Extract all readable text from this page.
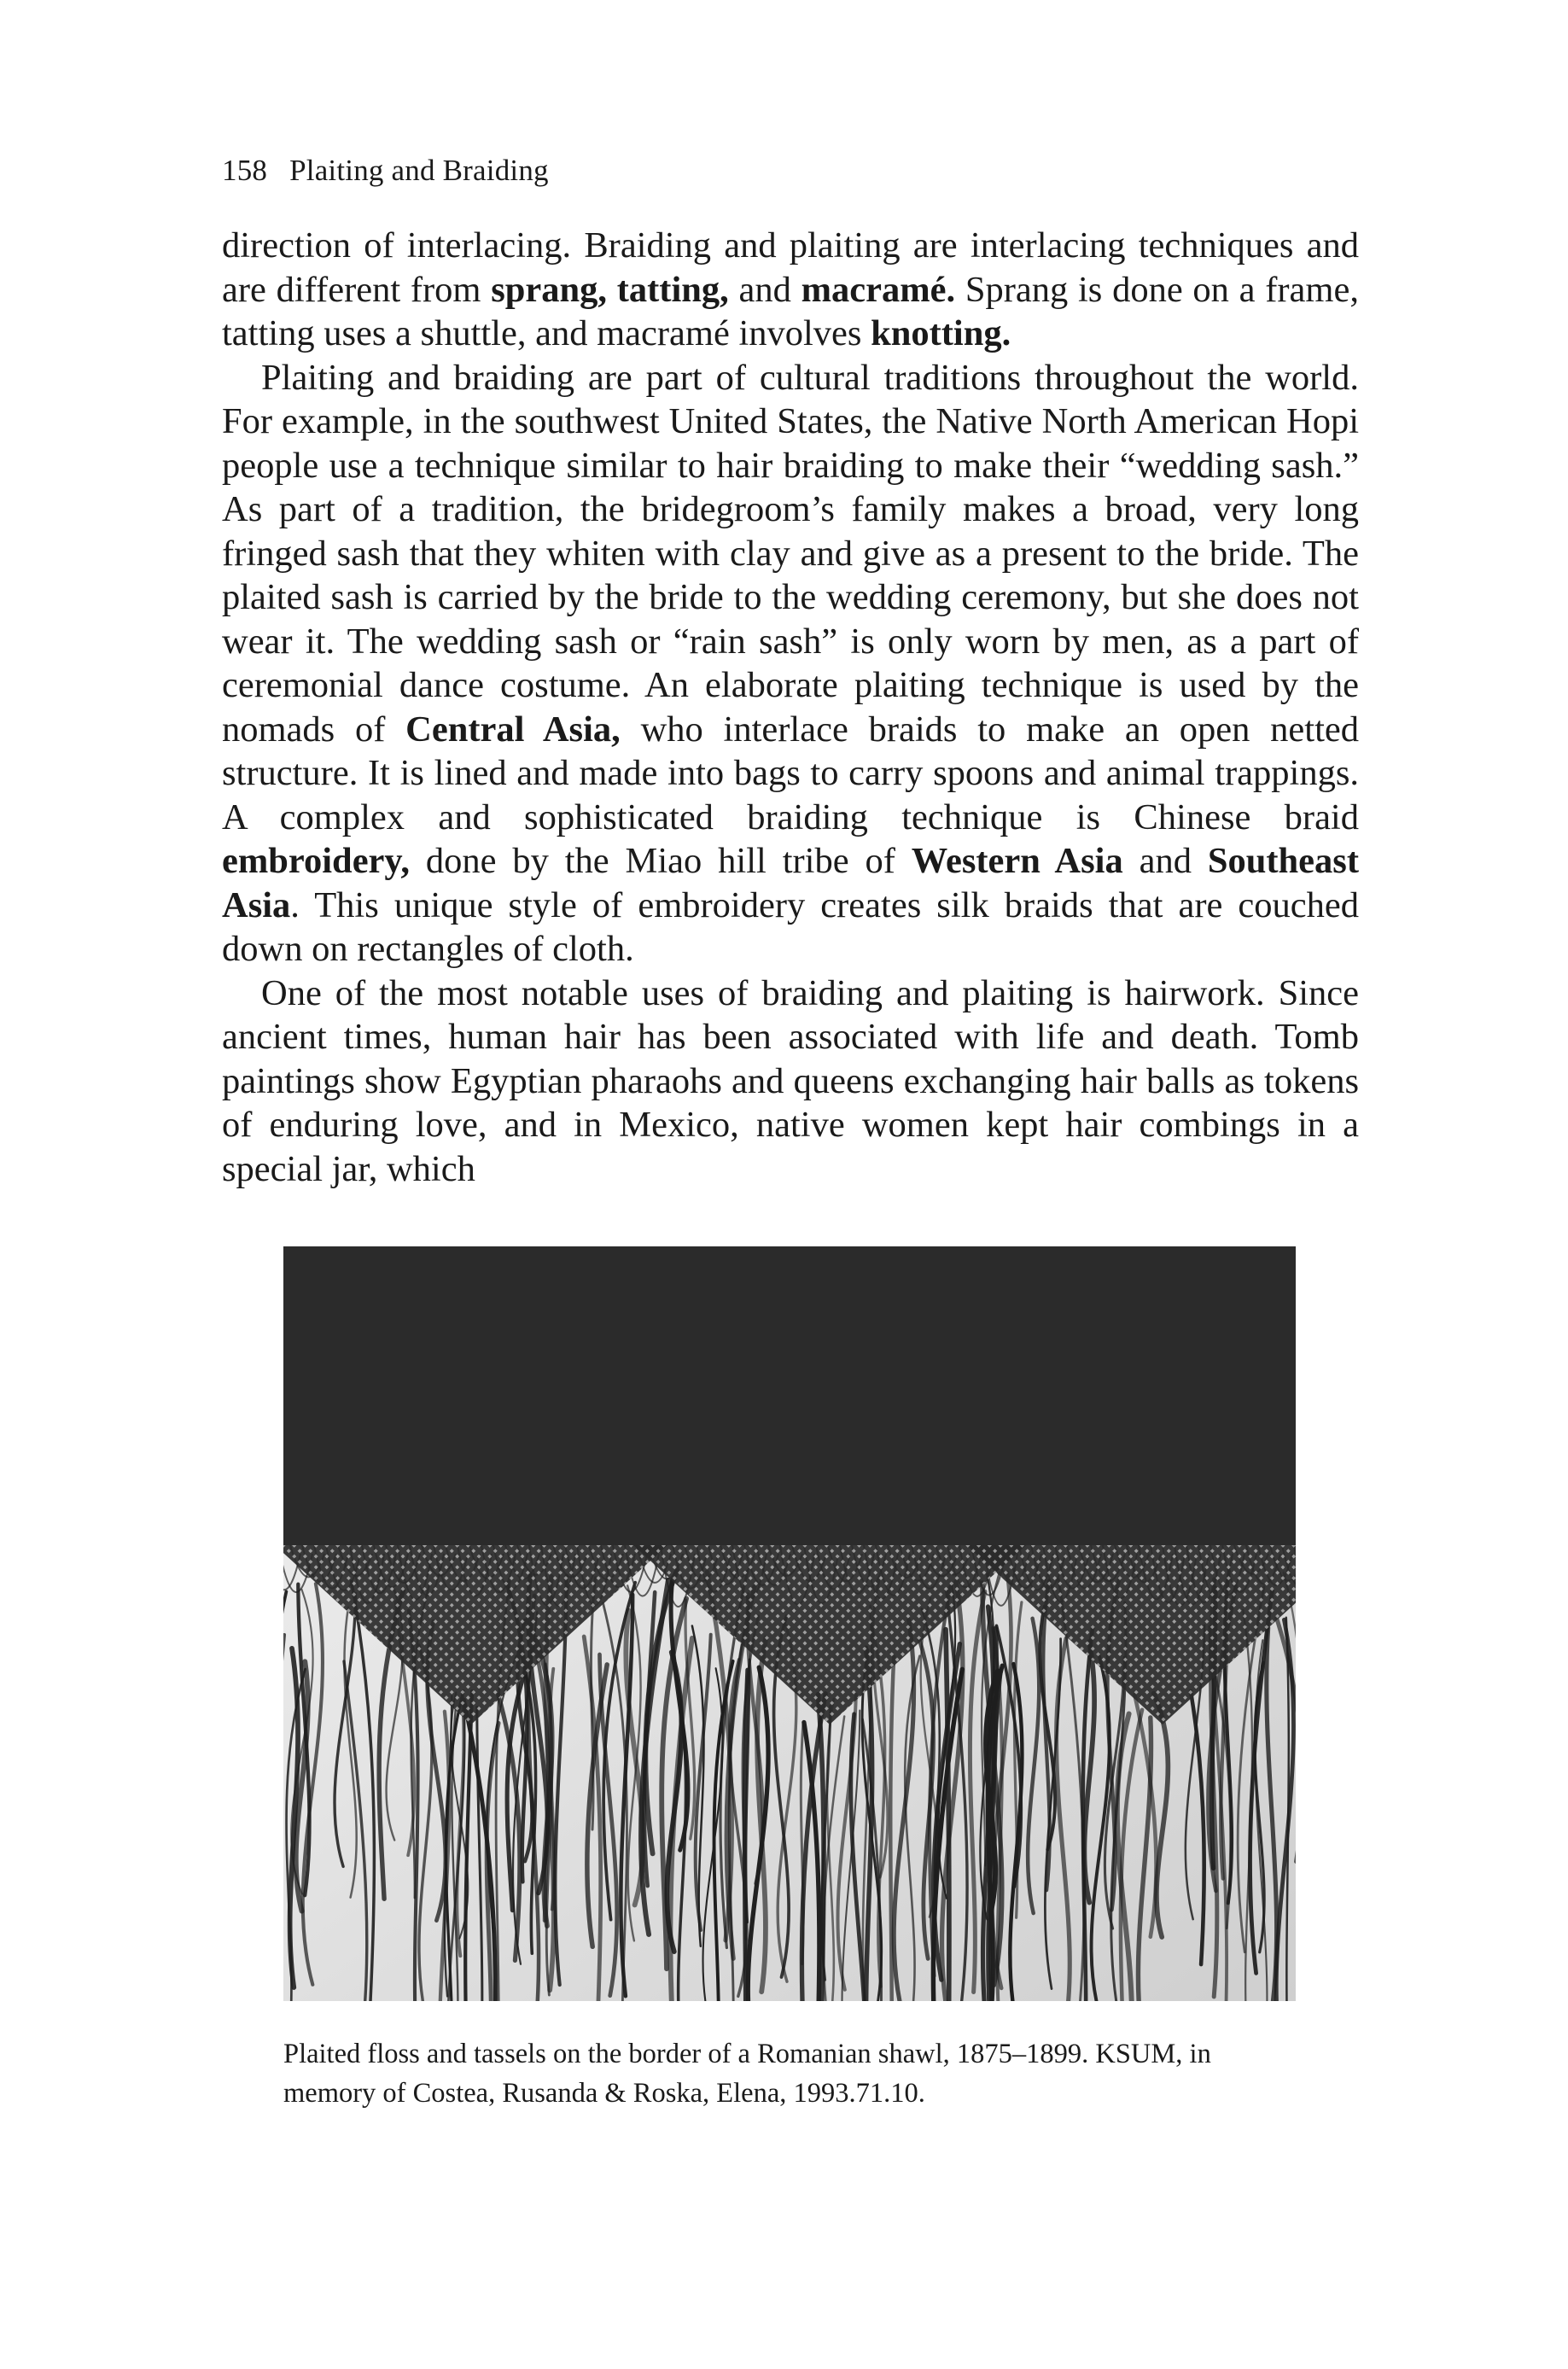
158 Plaiting and Braiding

direction of interlacing. Braiding and plaiting are interlacing techniques and are different from sprang, tatting, and macramé. Sprang is done on a frame, tatting uses a shuttle, and macramé involves knotting.

Plaiting and braiding are part of cultural traditions throughout the world. For example, in the southwest United States, the Native North American Hopi people use a technique similar to hair braiding to make their “wedding sash.” As part of a tradition, the bridegroom’s family makes a broad, very long fringed sash that they whiten with clay and give as a present to the bride. The plaited sash is carried by the bride to the wedding ceremony, but she does not wear it. The wedding sash or “rain sash” is only worn by men, as a part of ceremonial dance costume. An elaborate plaiting technique is used by the nomads of Central Asia, who interlace braids to make an open netted structure. It is lined and made into bags to carry spoons and animal trappings. A complex and sophisticated braiding technique is Chinese braid embroidery, done by the Miao hill tribe of Western Asia and Southeast Asia. This unique style of embroidery creates silk braids that are couched down on rectangles of cloth.

One of the most notable uses of braiding and plaiting is hairwork. Since ancient times, human hair has been associated with life and death. Tomb paintings show Egyptian pharaohs and queens exchanging hair balls as tokens of enduring love, and in Mexico, native women kept hair combings in a special jar, which

Plaited floss and tassels on the border of a Romanian shawl, 1875–1899. KSUM, in
memory of Costea, Rusanda & Roska, Elena, 1993.71.10.
